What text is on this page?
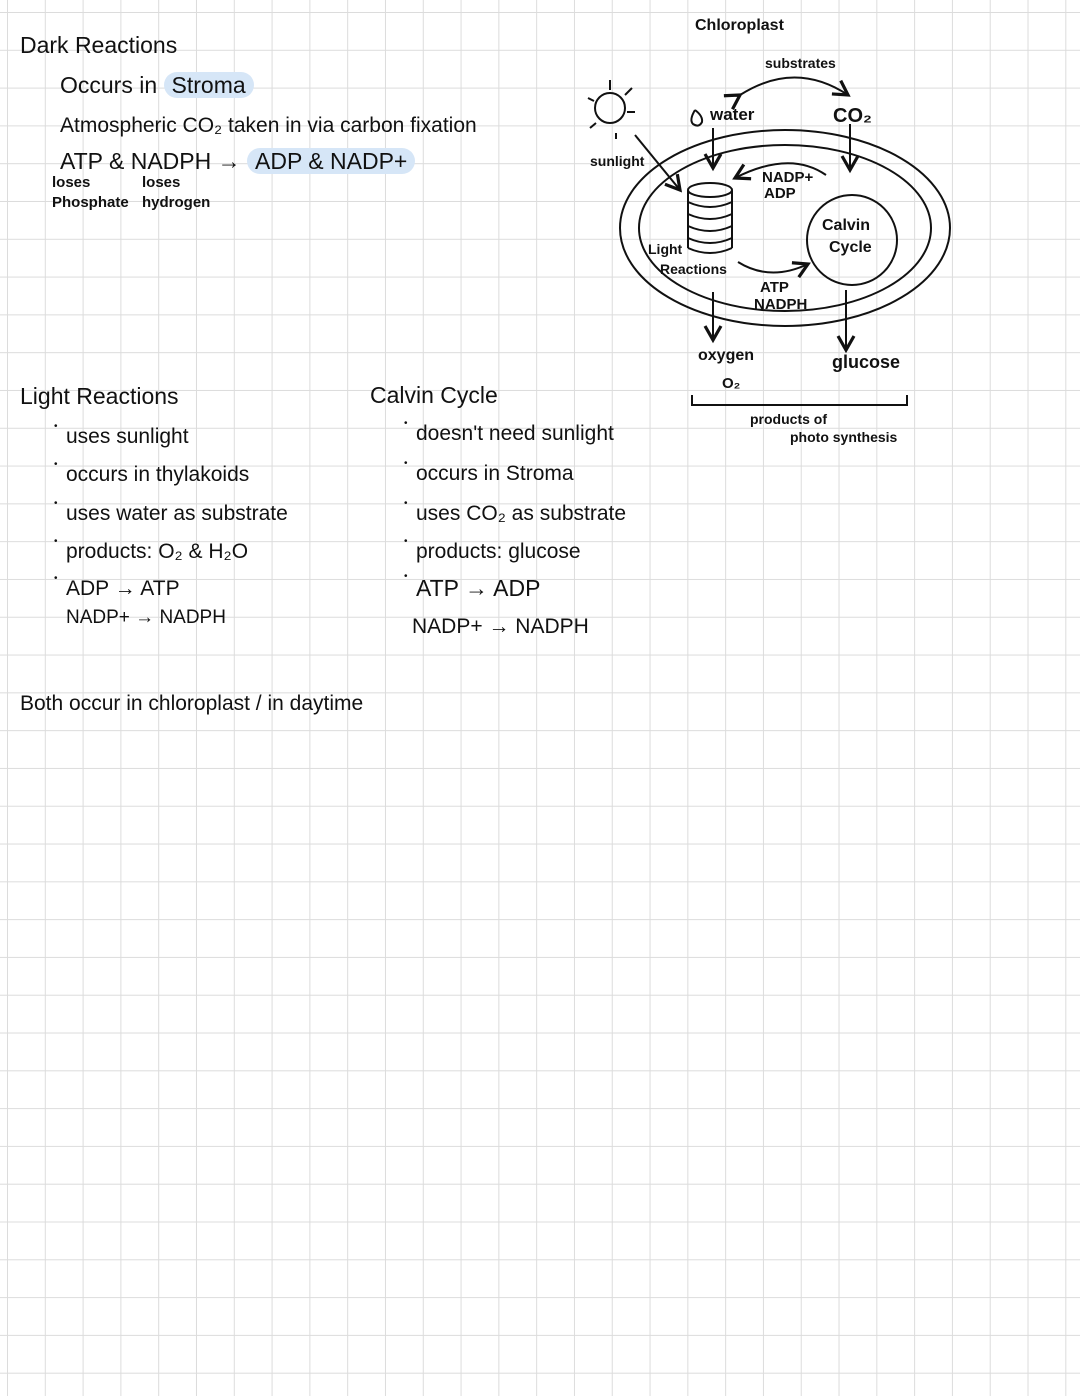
Dark Reactions
Occurs in Stroma
Atmospheric CO₂ taken in via carbon fixation
ATP & NADPH → ADP & NADP+
loses
Phosphate
loses
hydrogen
Chloroplast
substrates
water	CO₂
sunlight
NADP+
ADP
Calvin
Cycle
Light
Reactions
ATP
NADPH
oxygen
O₂
glucose
products of
photo synthesis
Light Reactions
• uses sunlight
• occurs in thylakoids
• uses water as substrate
• products: O₂ & H₂O
• ADP → ATP
NADP+ → NADPH
Calvin Cycle
• doesn't need sunlight
• occurs in Stroma
• uses CO₂ as substrate
• products: glucose
• ATP → ADP
NADP+ → NADPH
Both occur in chloroplast / in daytime
